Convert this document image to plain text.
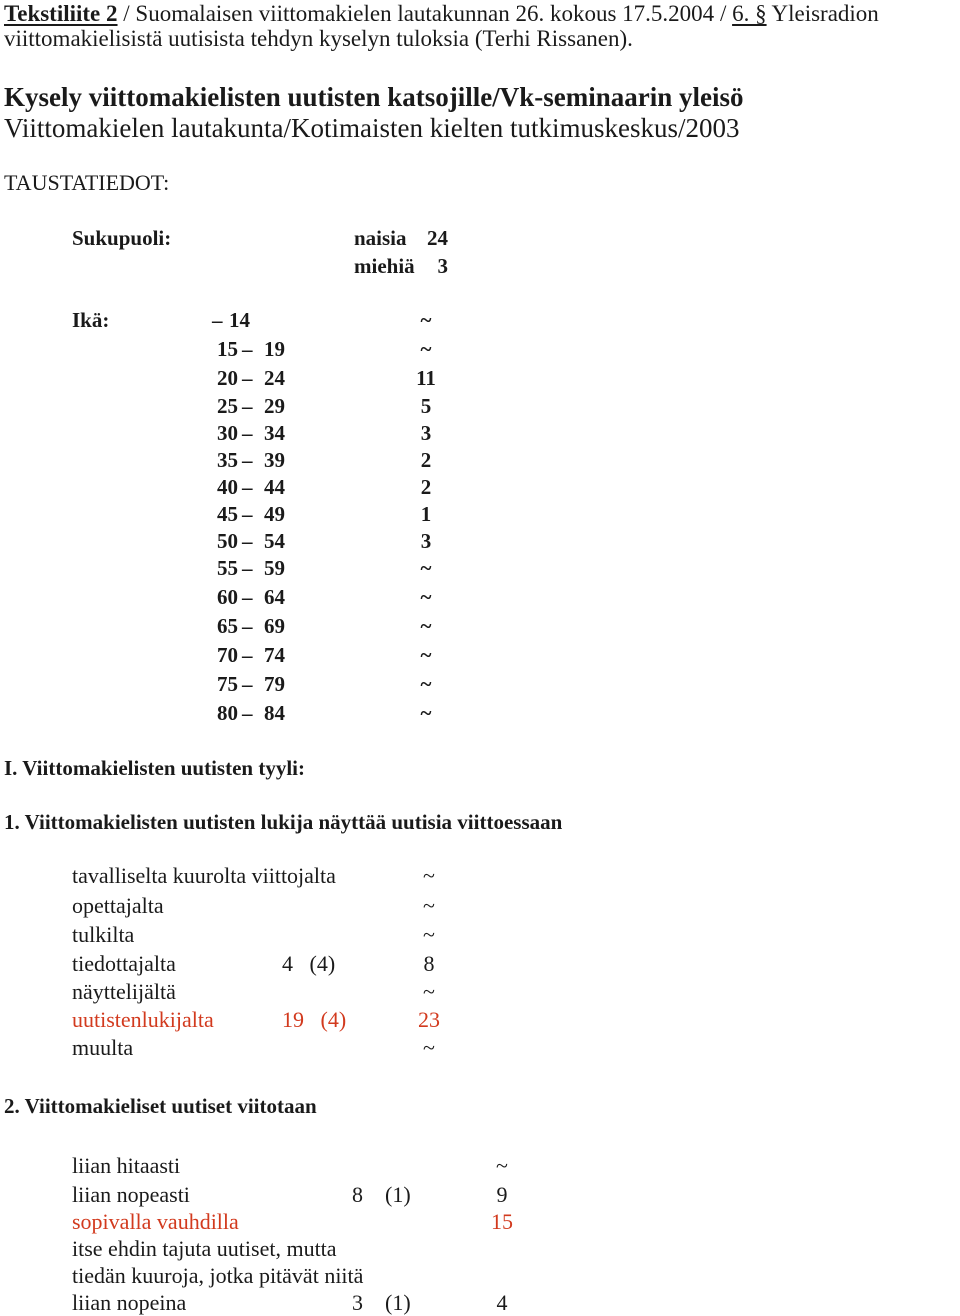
Tekstiliite 2 / Suomalaisen viittomakielen lautakunnan 26. kokous 17.5.2004 / 6. § Yleisradion
viittomakielisistä uutisista tehdyn kyselyn tuloksia (Terhi Rissanen).
Kysely viittomakielisten uutisten katsojille/Vk-seminaarin yleisö
Viittomakielen lautakunta/Kotimaisten kielten tutkimuskeskus/2003
TAUSTATIEDOT:
Sukupuoli:	naisia 24
miehiä	3
Ikä:	– 14	~
15 – 19	~
20 – 24	11
25 – 29	5
30 – 34	3
35 – 39	2
40 – 44	2
45 – 49	1
50 – 54	3
55 – 59	~
60 – 64	~
65 – 69	~
70 – 74	~
75 – 79	~
80 – 84	~
I. Viittomakielisten uutisten tyyli:
1. Viittomakielisten uutisten lukija näyttää uutisia viittoessaan
tavalliselta kuurolta viittojalta	~
opettajalta	~
tulkilta	~
tiedottajalta	4   (4)	8
näyttelijältä	~
uutistenlukijalta	19   (4)	23
muulta	~
2. Viittomakieliset uutiset viitotaan
liian hitaasti	~
liian nopeasti	8    (1)	9
sopivalla vauhdilla	15
itse ehdin tajuta uutiset, mutta
tiedän kuuroja, jotka pitävät niitä
liian nopeina	3    (1)	4
